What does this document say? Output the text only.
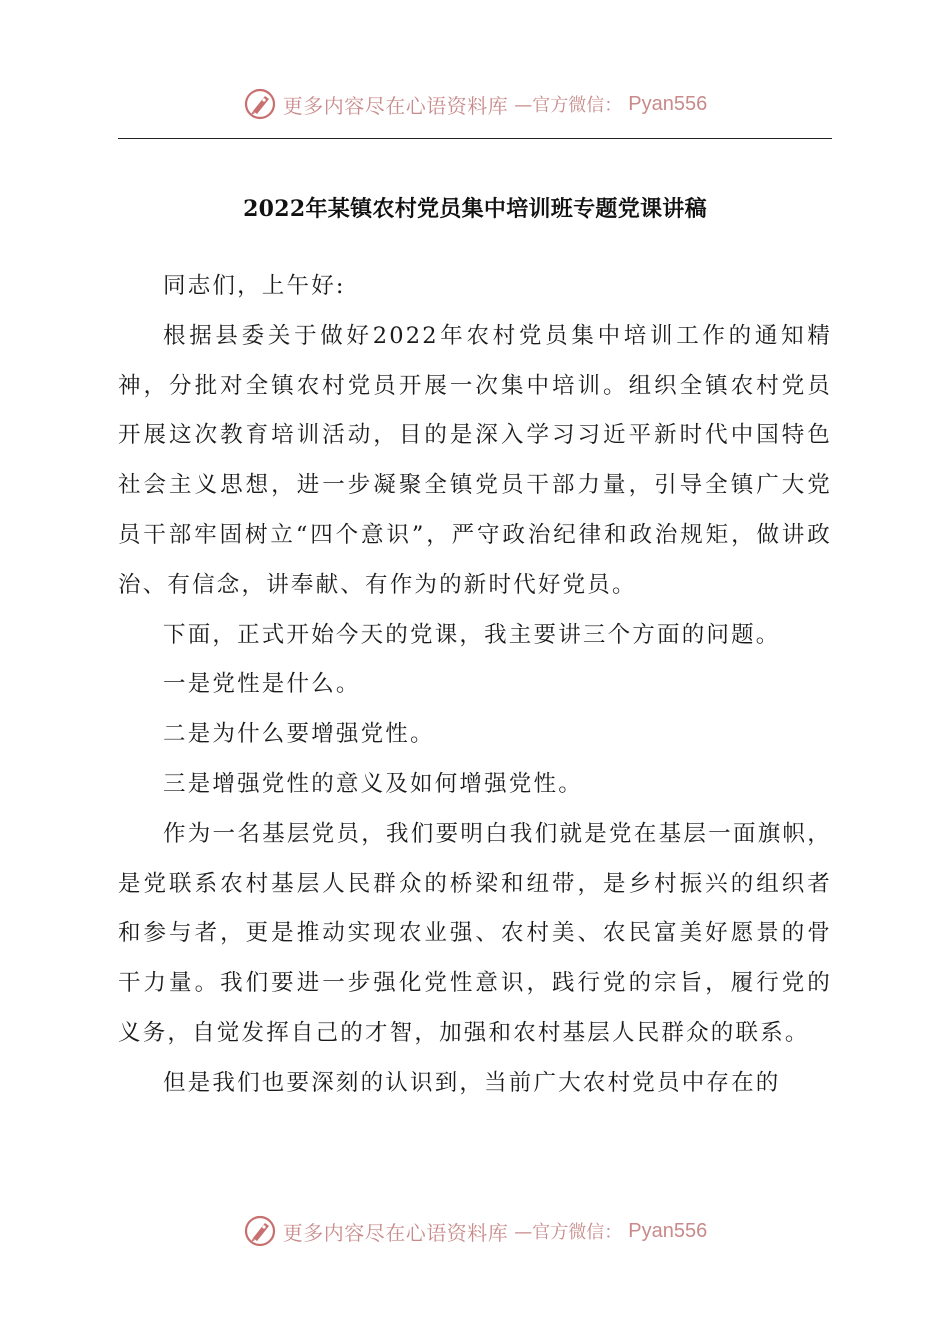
更多内容尽在心语资料库 —官方微信： Pyan556
2022年某镇农村党员集中培训班专题党课讲稿

同志们，上午好:

根据县委关于做好2022年农村党员集中培训工作的通知精神，分批对全镇农村党员开展一次集中培训。组织全镇农村党员开展这次教育培训活动，目的是深入学习习近平新时代中国特色社会主义思想，进一步凝聚全镇党员干部力量，引导全镇广大党员干部牢固树立“四个意识”，严守政治纪律和政治规矩，做讲政治、有信念，讲奉献、有作为的新时代好党员。

下面，正式开始今天的党课，我主要讲三个方面的问题。

一是党性是什么。

二是为什么要增强党性。

三是增强党性的意义及如何增强党性。

作为一名基层党员，我们要明白我们就是党在基层一面旗帜，是党联系农村基层人民群众的桥梁和纽带，是乡村振兴的组织者和参与者，更是推动实现农业强、农村美、农民富美好愿景的骨干力量。我们要进一步强化党性意识，践行党的宗旨，履行党的义务，自觉发挥自己的才智，加强和农村基层人民群众的联系。

但是我们也要深刻的认识到，当前广大农村党员中存在的

更多内容尽在心语资料库 —官方微信： Pyan556
